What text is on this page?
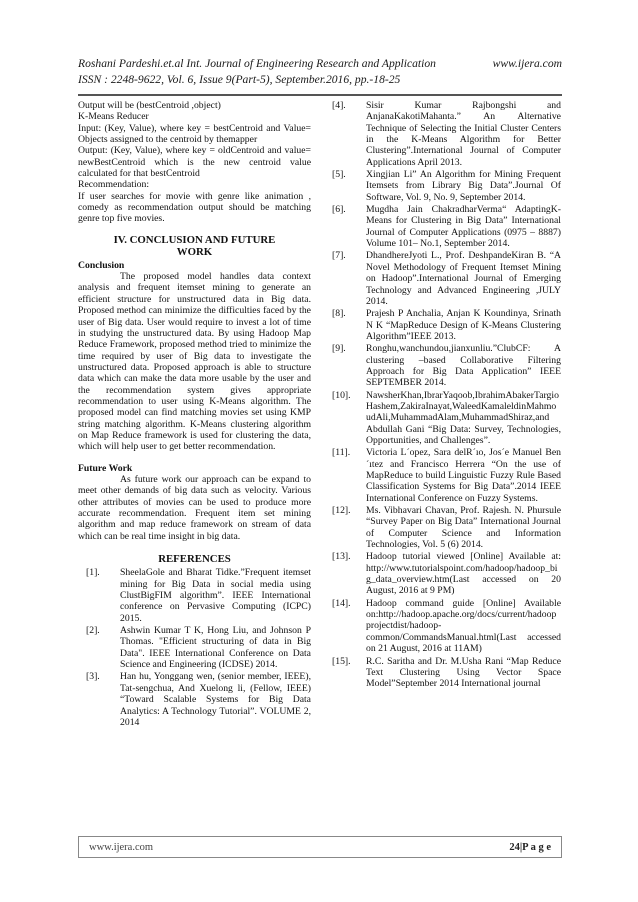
Roshani Pardeshi.et.al Int. Journal of Engineering Research and Application	www.ijera.com
ISSN : 2248-9622, Vol. 6, Issue 9(Part-5), September.2016, pp.-18-25

Output will be (bestCentroid ,object)

K-Means Reducer

Input: (Key, Value), where key = bestCentroid and Value= Objects assigned to the centroid by themapper

Output: (Key, Value), where key = oldCentroid and value= newBestCentroid which is the new centroid value calculated for that bestCentroid

Recommendation:

If user searches for movie with genre like animation , comedy as recommendation output should be matching genre top five movies.

IV. CONCLUSION AND FUTURE
WORK

Conclusion

The proposed model handles data context analysis and frequent itemset mining to generate an efficient structure for unstructured data in Big data. Proposed method can minimize the difficulties faced by the user of Big data. User would require to invest a lot of time in studying the unstructured data. By using Hadoop Map Reduce Framework, proposed method tried to minimize the time required by user of Big data to investigate the unstructured data. Proposed approach is able to structure data which can make the data more usable by the user and the recommendation system gives appropriate recommendation to user using K-Means algorithm. The proposed model can find matching movies set using KMP string matching algorithm. K-Means clustering algorithm on Map Reduce framework is used for clustering the data, which will help user to get better recommendation.

Future Work

As future work our approach can be expand to meet other demands of big data such as velocity. Various other attributes of movies can be used to produce more accurate recommendation. Frequent item set mining algorithm and map reduce framework on stream of data which can be real time insight in big data.

REFERENCES
[1].	SheelaGole and Bharat Tidke.”Frequent itemset mining for Big Data in social media using ClustBigFIM algorithm”. IEEE International conference on Pervasive Computing (ICPC) 2015.
[2].	Ashwin Kumar T K, Hong Liu, and Johnson P Thomas. "Efficient structuring of data in Big Data". IEEE International Conference on Data Science and Engineering (ICDSE) 2014.
[3].	Han hu, Yonggang wen, (senior member, IEEE), Tat-sengchua, And Xuelong li, (Fellow, IEEE) “Toward Scalable Systems for Big Data Analytics: A Technology Tutorial”. VOLUME 2, 2014
[4].	Sisir Kumar Rajbongshi and AnjanaKakotiMahanta.” An Alternative Technique of Selecting the Initial Cluster Centers in the K-Means Algorithm for Better Clustering”.International Journal of Computer Applications April 2013.
[5].	Xingjian Li” An Algorithm for Mining Frequent Itemsets from Library Big Data”.Journal Of Software, Vol. 9, No. 9, September 2014.
[6].	Mugdha Jain ChakradharVerma“ AdaptingK-Means for Clustering in Big Data” International Journal of Computer Applications (0975 – 8887) Volume 101– No.1, September 2014.
[7].	DhandhereJyoti L., Prof. DeshpandeKiran B. “A Novel Methodology of Frequent Itemset Mining on Hadoop”.International Journal of Emerging Technology and Advanced Engineering ,JULY 2014.
[8].	Prajesh P Anchalia, Anjan K Koundinya, Srinath N K “MapReduce Design of K-Means Clustering Algorithm”IEEE 2013.
[9].	Ronghu,wanchundou,jianxunliu.”ClubCF: A clustering –based Collaborative Filtering Approach for Big Data Application” IEEE SEPTEMBER 2014.
[10].	NawsherKhan,IbrarYaqoob,IbrahimAbakerTargioHashem,ZakiraInayat,WaleedKamaleldinMahmoudAli,MuhammadAlam,MuhammadShiraz,and Abdullah Gani “Big Data: Survey, Technologies, Opportunities, and Challenges”.
[11].	Victoria L´opez, Sara delR´ıo, Jos´e Manuel Ben´ıtez and Francisco Herrera “On the use of MapReduce to build Linguistic Fuzzy Rule Based Classification Systems for Big Data”.2014 IEEE International Conference on Fuzzy Systems.
[12].	Ms. Vibhavari Chavan, Prof. Rajesh. N. Phursule “Survey Paper on Big Data” International Journal of Computer Science and Information Technologies, Vol. 5 (6) 2014.
[13].	Hadoop tutorial viewed [Online] Available at: http://www.tutorialspoint.com/hadoop/hadoop_big_data_overview.htm(Last accessed on 20 August, 2016 at 9 PM)
[14].	Hadoop command guide [Online] Available on:http://hadoop.apache.org/docs/current/hadoopprojectdist/hadoop-common/CommandsManual.html(Last accessed on 21 August, 2016 at 11AM)
[15].	R.C. Saritha and Dr. M.Usha Rani “Map Reduce Text Clustering Using Vector Space Model”September 2014 International journal
www.ijera.com	24|P a g e
